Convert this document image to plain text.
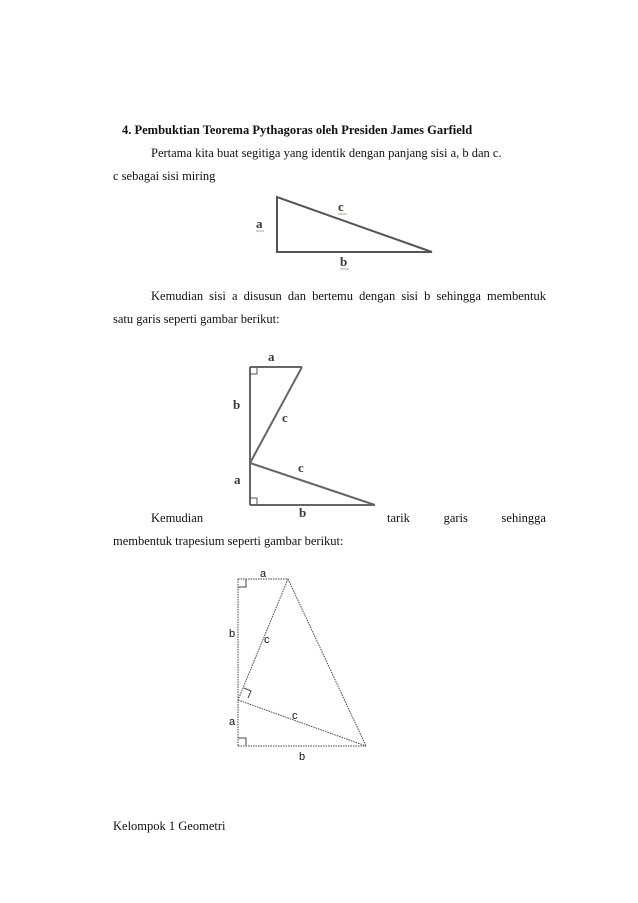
4. Pembuktian Teorema Pythagoras oleh Presiden James Garfield
Pertama kita buat segitiga yang identik dengan panjang sisi a, b dan c.
c sebagai sisi miring
a
c
b
Kemudian sisi a disusun dan bertemu dengan sisi b sehingga membentuk
satu garis seperti gambar berikut:
a
b
c
a
c
b
Kemudian	tarik	garis	sehingga
membentuk trapesium seperti gambar berikut:
a
b	c
a	c
b
Kelompok 1 Geometri
